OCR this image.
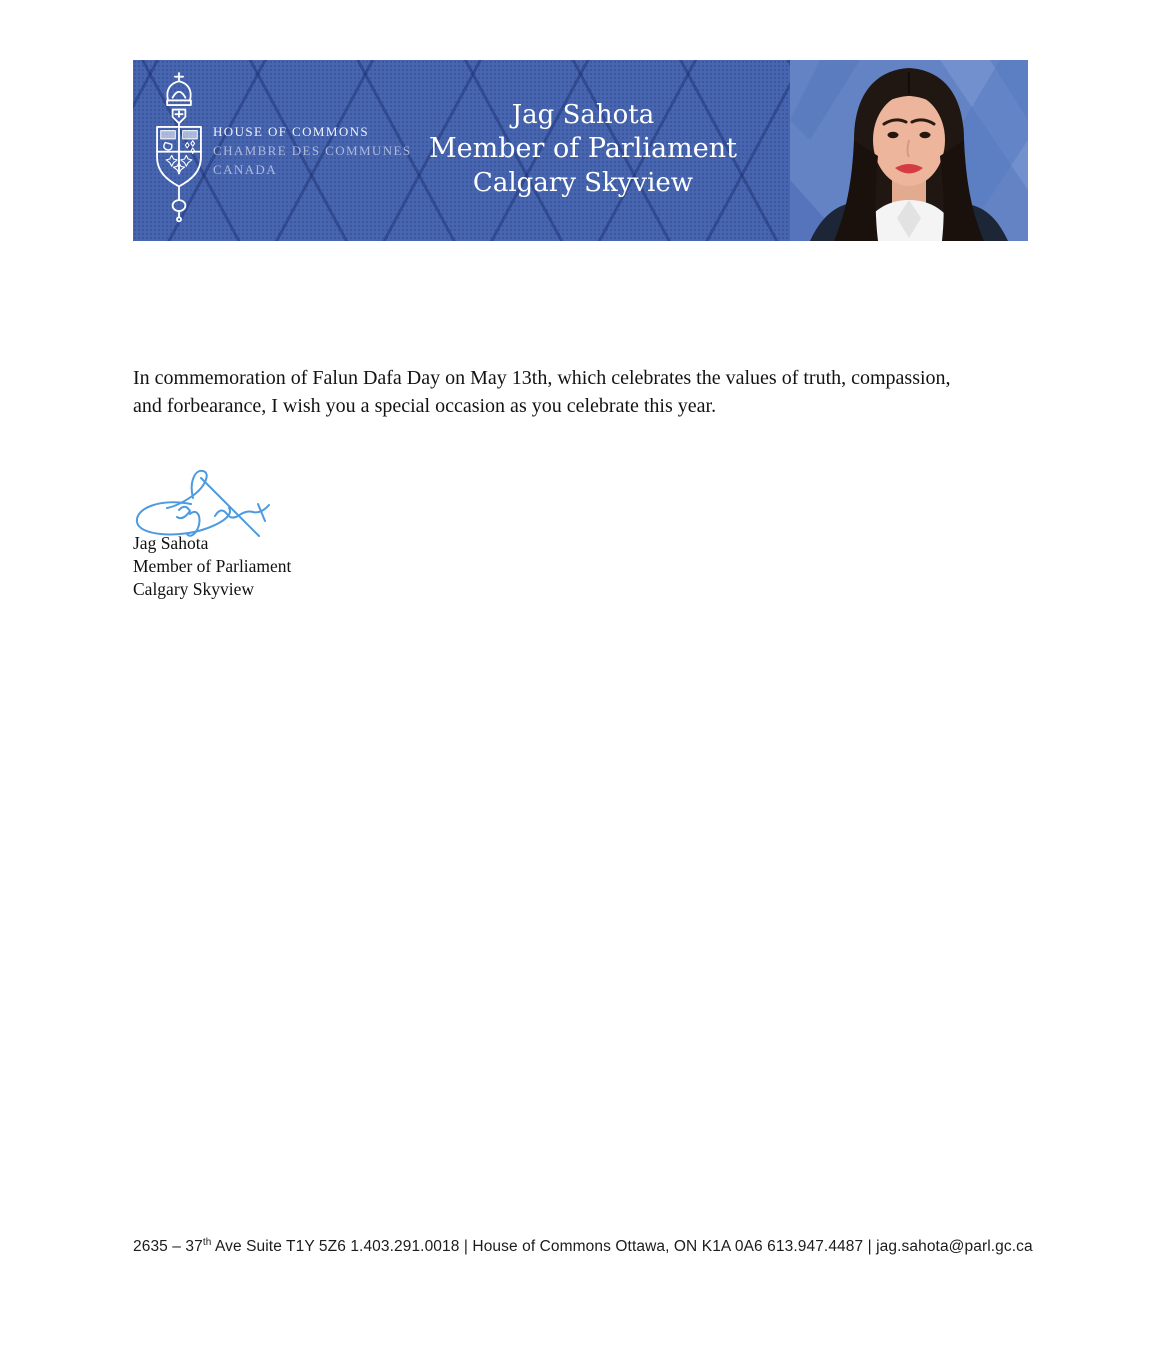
HOUSE OF COMMONS
CHAMBRE DES COMMUNES
CANADA
Jag Sahota
Member of Parliament
Calgary Skyview

In commemoration of Falun Dafa Day on May 13th, which celebrates the values of truth, compassion, and forbearance, I wish you a special occasion as you celebrate this year.

Jag Sahota
Member of Parliament
Calgary Skyview
2635 – 37th Ave Suite T1Y 5Z6 1.403.291.0018 | House of Commons Ottawa, ON K1A 0A6 613.947.4487 | jag.sahota@parl.gc.ca
